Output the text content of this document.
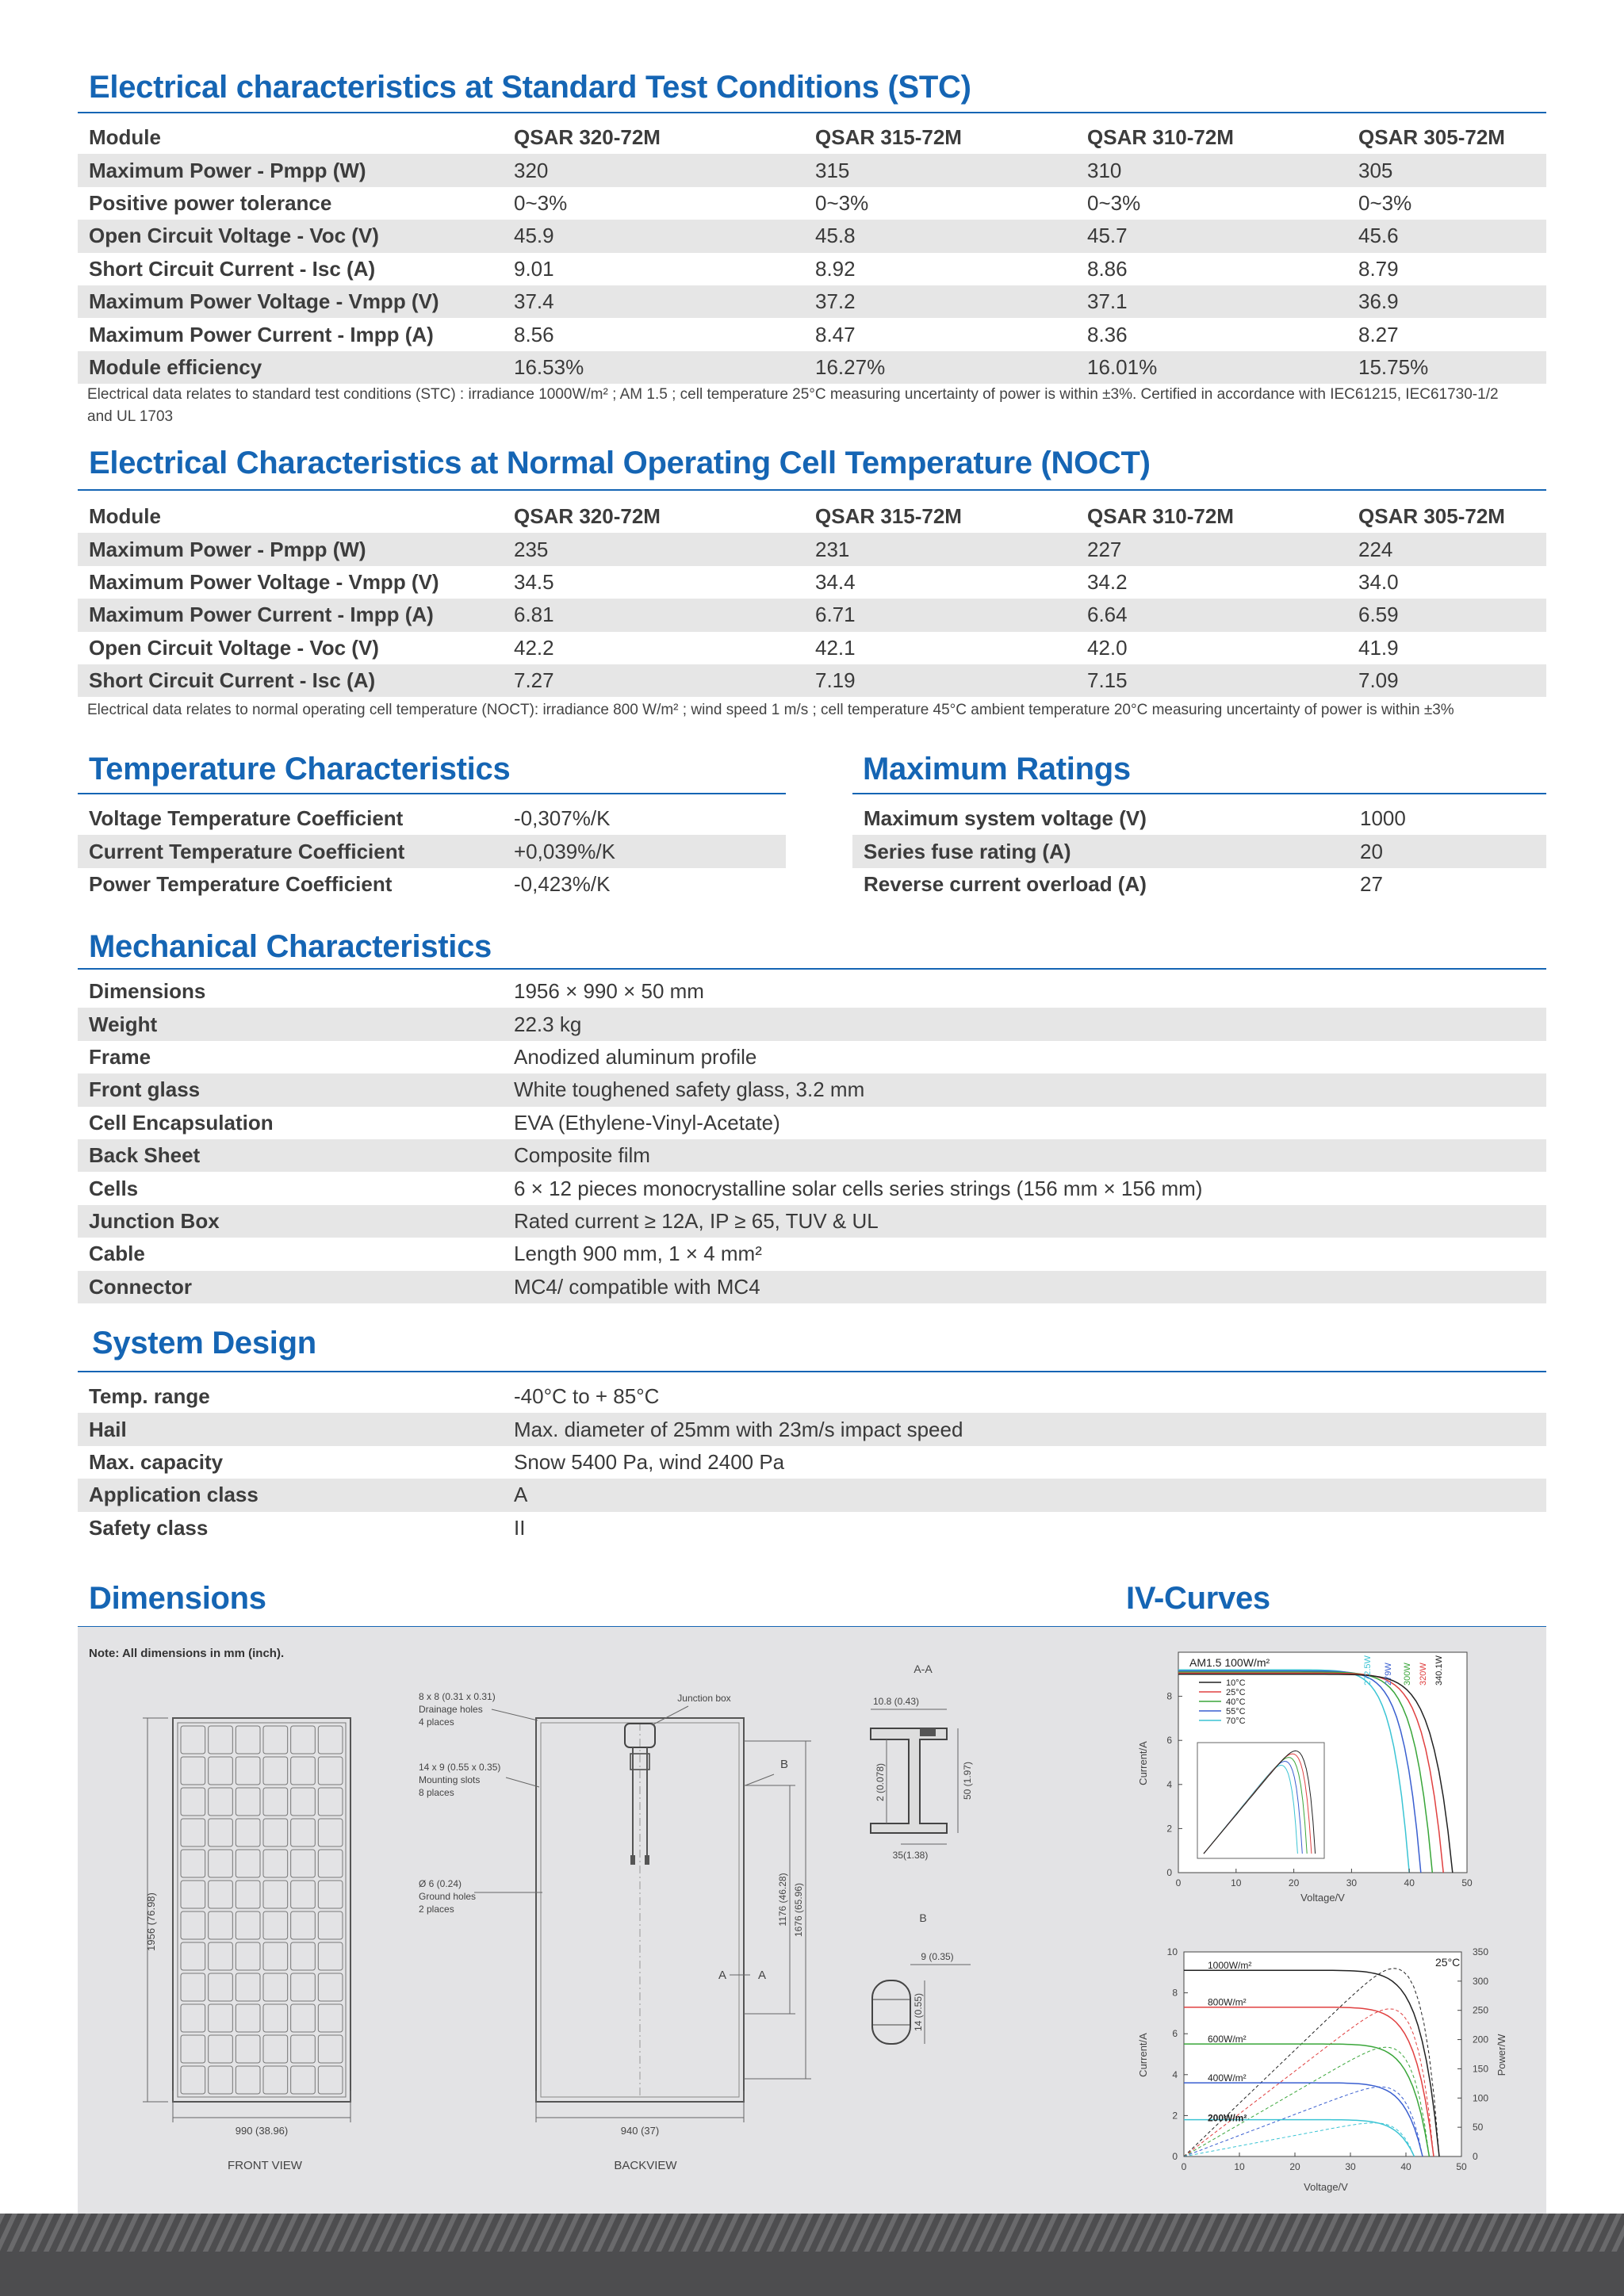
Electrical characteristics at Standard Test Conditions (STC)
Module	QSAR 320-72M	QSAR 315-72M	QSAR 310-72M	QSAR 305-72M
Maximum Power - Pmpp (W)	320	315	310	305
Positive power tolerance	0~3%	0~3%	0~3%	0~3%
Open Circuit Voltage - Voc (V)	45.9	45.8	45.7	45.6
Short Circuit Current - Isc (A)	9.01	8.92	8.86	8.79
Maximum Power Voltage - Vmpp (V)	37.4	37.2	37.1	36.9
Maximum Power Current - Impp (A)	8.56	8.47	8.36	8.27
Module efficiency	16.53%	16.27%	16.01%	15.75%
Electrical data relates to standard test conditions (STC) : irradiance 1000W/m² ; AM 1.5 ; cell temperature 25°C measuring uncertainty of power is within ±3%. Certified in accordance with IEC61215, IEC61730-1/2
and UL 1703
Electrical Characteristics at Normal Operating Cell Temperature (NOCT)
Module	QSAR 320-72M	QSAR 315-72M	QSAR 310-72M	QSAR 305-72M
Maximum Power - Pmpp (W)	235	231	227	224
Maximum Power Voltage - Vmpp (V)	34.5	34.4	34.2	34.0
Maximum Power Current - Impp (A)	6.81	6.71	6.64	6.59
Open Circuit Voltage - Voc (V)	42.2	42.1	42.0	41.9
Short Circuit Current - Isc (A)	7.27	7.19	7.15	7.09
Electrical data relates to normal operating cell temperature (NOCT): irradiance 800 W/m² ; wind speed 1 m/s ; cell temperature 45°C ambient temperature 20°C measuring uncertainty of power is within ±3%
Temperature Characteristics
Voltage Temperature Coefficient	-0,307%/K
Current Temperature Coefficient	+0,039%/K
Power Temperature Coefficient	-0,423%/K
Maximum Ratings
Maximum system voltage (V)	1000
Series fuse rating (A)	20
Reverse current overload (A)	27
Mechanical Characteristics
Dimensions	1956 × 990 × 50 mm
Weight	22.3 kg
Frame	Anodized aluminum profile
Front glass	White toughened safety glass, 3.2 mm
Cell Encapsulation	EVA (Ethylene-Vinyl-Acetate)
Back Sheet	Composite film
Cells	6 × 12 pieces monocrystalline solar cells series strings (156 mm × 156 mm)
Junction Box	Rated current ≥ 12A, IP ≥ 65, TUV & UL
Cable	Length 900 mm, 1 × 4 mm²
Connector	MC4/ compatible with MC4
System Design
Temp. range	-40°C to + 85°C
Hail	Max. diameter of 25mm with 23m/s impact speed
Max. capacity	Snow 5400 Pa, wind 2400 Pa
Application class	A
Safety class	II
Dimensions	IV-Curves
Note: All dimensions in mm (inch).
1956 (76.98)
990 (38.96)
FRONT VIEW
Junction box
8 x 8 (0.31 x 0.31)
Drainage holes
4 places
14 x 9 (0.55 x 0.35)
Mounting slots
8 places
Ø 6 (0.24)
Ground holes
2 places	1176 (46.28) 1676 (65.96)
B
A	A
940 (37)
BACKVIEW
A-A
10.8 (0.43)
2 (0.078)	50 (1.97)
35(1.38)
B
9 (0.35)
14 (0.55)
0	10	20	30	40	50
0
2
4
6
8
AM1.5 100W/m²
10°C
25°C
40°C
55°C
70°C
272.5W 279W 300W 320W 340.1W
Voltage/V
Current/A
0	10	20	30	40	50
0
2
4
6
8
10
0
50
100
150
200
250
300
350
1000W/m²
800W/m²
600W/m²
400W/m²
200W/m²
25°C
Voltage/V
Current/A	Power/W
